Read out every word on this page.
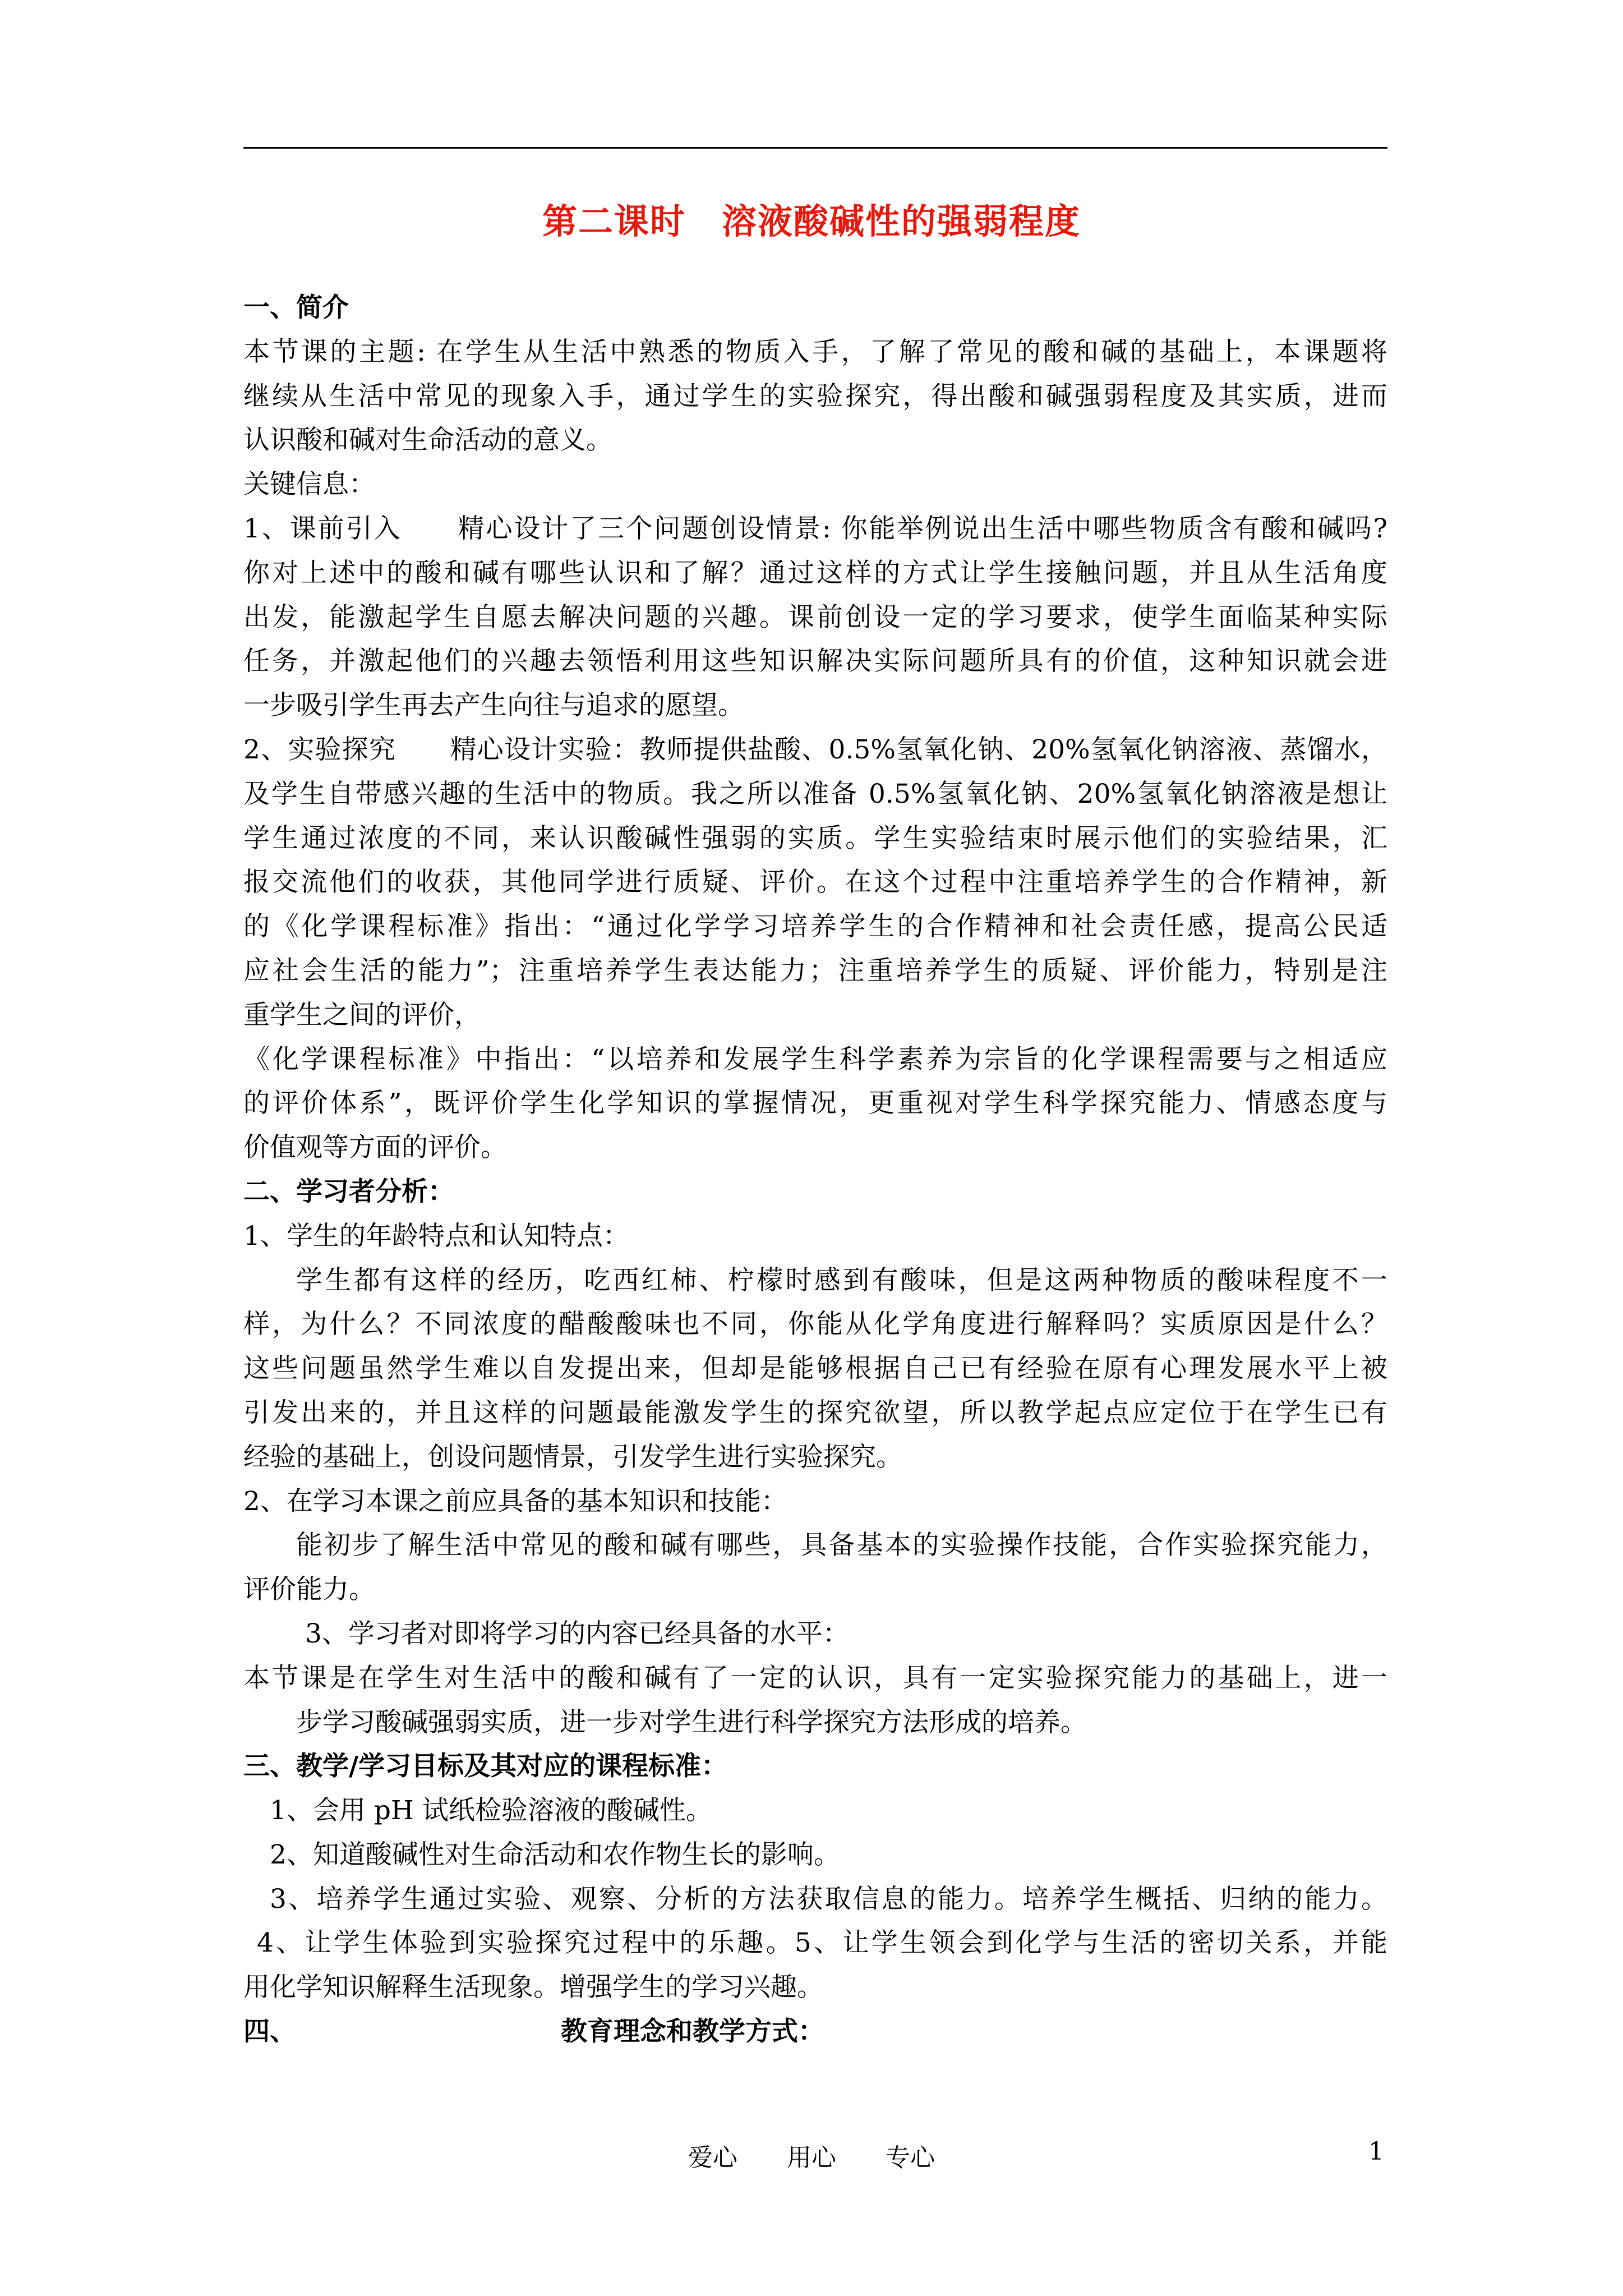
第二课时　溶液酸碱性的强弱程度
一、简介
本节课的主题: 在学生从生活中熟悉的物质入手，了解了常见的酸和碱的基础上，本课题将
继续从生活中常见的现象入手，通过学生的实验探究，得出酸和碱强弱程度及其实质，进而
认识酸和碱对生命活动的意义。
关键信息：
1、课前引入　　精心设计了三个问题创设情景: 你能举例说出生活中哪些物质含有酸和碱吗?
你对上述中的酸和碱有哪些认识和了解？通过这样的方式让学生接触问题，并且从生活角度
出发，能激起学生自愿去解决问题的兴趣。课前创设一定的学习要求，使学生面临某种实际
任务，并激起他们的兴趣去领悟利用这些知识解决实际问题所具有的价值，这种知识就会进
一步吸引学生再去产生向往与追求的愿望。
2、实验探究　　精心设计实验：教师提供盐酸、0.5%氢氧化钠、20%氢氧化钠溶液、蒸馏水，
及学生自带感兴趣的生活中的物质。我之所以准备 0.5%氢氧化钠、20%氢氧化钠溶液是想让
学生通过浓度的不同，来认识酸碱性强弱的实质。学生实验结束时展示他们的实验结果，汇
报交流他们的收获，其他同学进行质疑、评价。在这个过程中注重培养学生的合作精神，新
的《化学课程标准》指出：“通过化学学习培养学生的合作精神和社会责任感，提高公民适
应社会生活的能力”；注重培养学生表达能力；注重培养学生的质疑、评价能力，特别是注
重学生之间的评价，
《化学课程标准》中指出：“以培养和发展学生科学素养为宗旨的化学课程需要与之相适应
的评价体系”，既评价学生化学知识的掌握情况，更重视对学生科学探究能力、情感态度与
价值观等方面的评价。
二、学习者分析：
1、学生的年龄特点和认知特点：
学生都有这样的经历，吃西红柿、柠檬时感到有酸味，但是这两种物质的酸味程度不一
样，为什么？不同浓度的醋酸酸味也不同，你能从化学角度进行解释吗？实质原因是什么？
这些问题虽然学生难以自发提出来，但却是能够根据自己已有经验在原有心理发展水平上被
引发出来的，并且这样的问题最能激发学生的探究欲望，所以教学起点应定位于在学生已有
经验的基础上，创设问题情景，引发学生进行实验探究。
2、在学习本课之前应具备的基本知识和技能：
能初步了解生活中常见的酸和碱有哪些，具备基本的实验操作技能，合作实验探究能力，
评价能力。
3、学习者对即将学习的内容已经具备的水平：
本节课是在学生对生活中的酸和碱有了一定的认识，具有一定实验探究能力的基础上，进一
步学习酸碱强弱实质，进一步对学生进行科学探究方法形成的培养。
三、教学/学习目标及其对应的课程标准：
1、会用 pH 试纸检验溶液的酸碱性。
2、知道酸碱性对生命活动和农作物生长的影响。
3、培养学生通过实验、观察、分析的方法获取信息的能力。培养学生概括、归纳的能力。
4、让学生体验到实验探究过程中的乐趣。5、让学生领会到化学与生活的密切关系，并能
用化学知识解释生活现象。增强学生的学习兴趣。
四、	教育理念和教学方式：
爱心　　用心　　专心	1
